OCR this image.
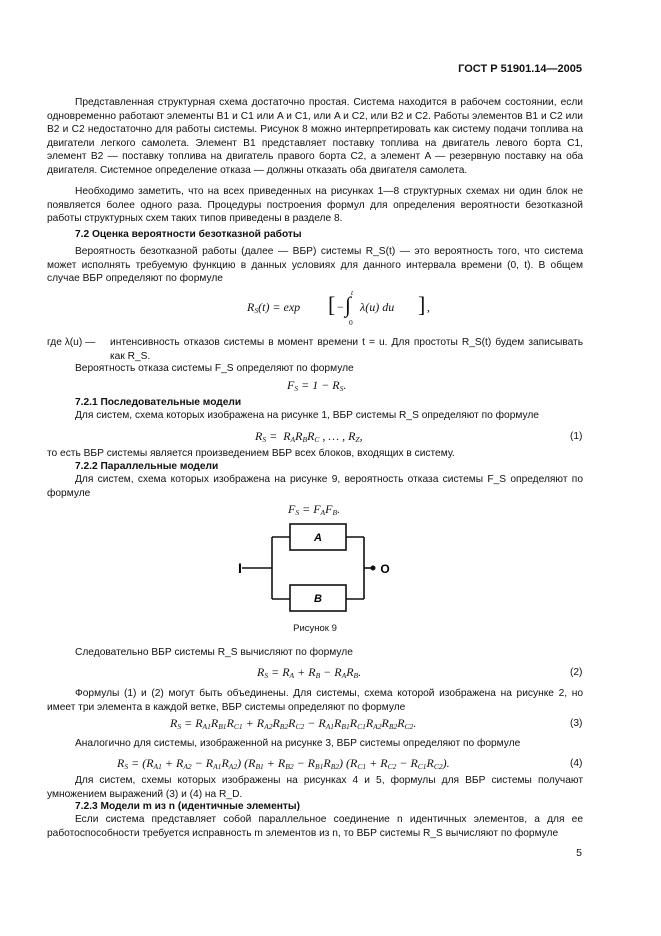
ГОСТ Р 51901.14—2005
Представленная структурная схема достаточно простая. Система находится в рабочем состоянии, если одновременно работают элементы B1 и C1 или A и C1, или A и C2, или B2 и C2. Работы элементов B1 и C2 или B2 и C2 недостаточно для работы системы. Рисунок 8 можно интерпретировать как систему подачи топлива на двигатели легкого самолета. Элемент B1 представляет поставку топлива на двигатель левого борта C1, элемент B2 — поставку топлива на двигатель правого борта C2, а элемент A — резервную поставку на оба двигателя. Системное определение отказа — должны отказать оба двигателя самолета.
Необходимо заметить, что на всех приведенных на рисунках 1—8 структурных схемах ни один блок не появляется более одного раза. Процедуры построения формул для определения вероятности безотказной работы структурных схем таких типов приведены в разделе 8.
7.2 Оценка вероятности безотказной работы
Вероятность безотказной работы (далее — ВБР) системы R_S(t) — это вероятность того, что система может исполнять требуемую функцию в данных условиях для данного интервала времени (0, t). В общем случае ВБР определяют по формуле
$R_S(t) = \exp$ [ − ∫ t
0
λ(u) du ] ,
где λ(u) — интенсивность отказов системы в момент времени t = u. Для простоты R_S(t) будем записывать как R_S.
Вероятность отказа системы F_S определяют по формуле
$F_S = 1 - R_S$.
7.2.1 Последовательные модели
Для систем, схема которых изображена на рисунке 1, ВБР системы R_S определяют по формуле
$R_S = R_AR_BR_C$ , … , $R_Z$,	(1)
то есть ВБР системы является произведением ВБР всех блоков, входящих в систему.
7.2.2 Параллельные модели
Для систем, схема которых изображена на рисунке 9, вероятность отказа системы F_S определяют по формуле
$F_S = F_AF_B$.
I	O
A
B
Рисунок 9
Следовательно ВБР системы R_S вычисляют по формуле
$R_S = R_A + R_B - R_AR_B$.	(2)
Формулы (1) и (2) могут быть объединены. Для системы, схема которой изображена на рисунке 2, но имеет три элемента в каждой ветке, ВБР системы определяют по формуле
$R_S = R_{A1}R_{B1}R_{C1} + R_{A2}R_{B2}R_{C2} - R_{A1}R_{B1}R_{C1}R_{A2}R_{B2}R_{C2}$.	(3)
Аналогично для системы, изображенной на рисунке 3, ВБР системы определяют по формуле
$R_S = (R_{A1} + R_{A2} - R_{A1}R_{A2}) (R_{B1} + R_{B2} - R_{B1}R_{B2}) (R_{C1} + R_{C2} - R_{C1}R_{C2})$.	(4)
Для систем, схемы которых изображены на рисунках 4 и 5, формулы для ВБР системы получают умножением выражений (3) и (4) на R_D.
7.2.3 Модели m из n (идентичные элементы)
Если система представляет собой параллельное соединение n идентичных элементов, а для ее работоспособности требуется исправность m элементов из n, то ВБР системы R_S вычисляют по формуле
5
